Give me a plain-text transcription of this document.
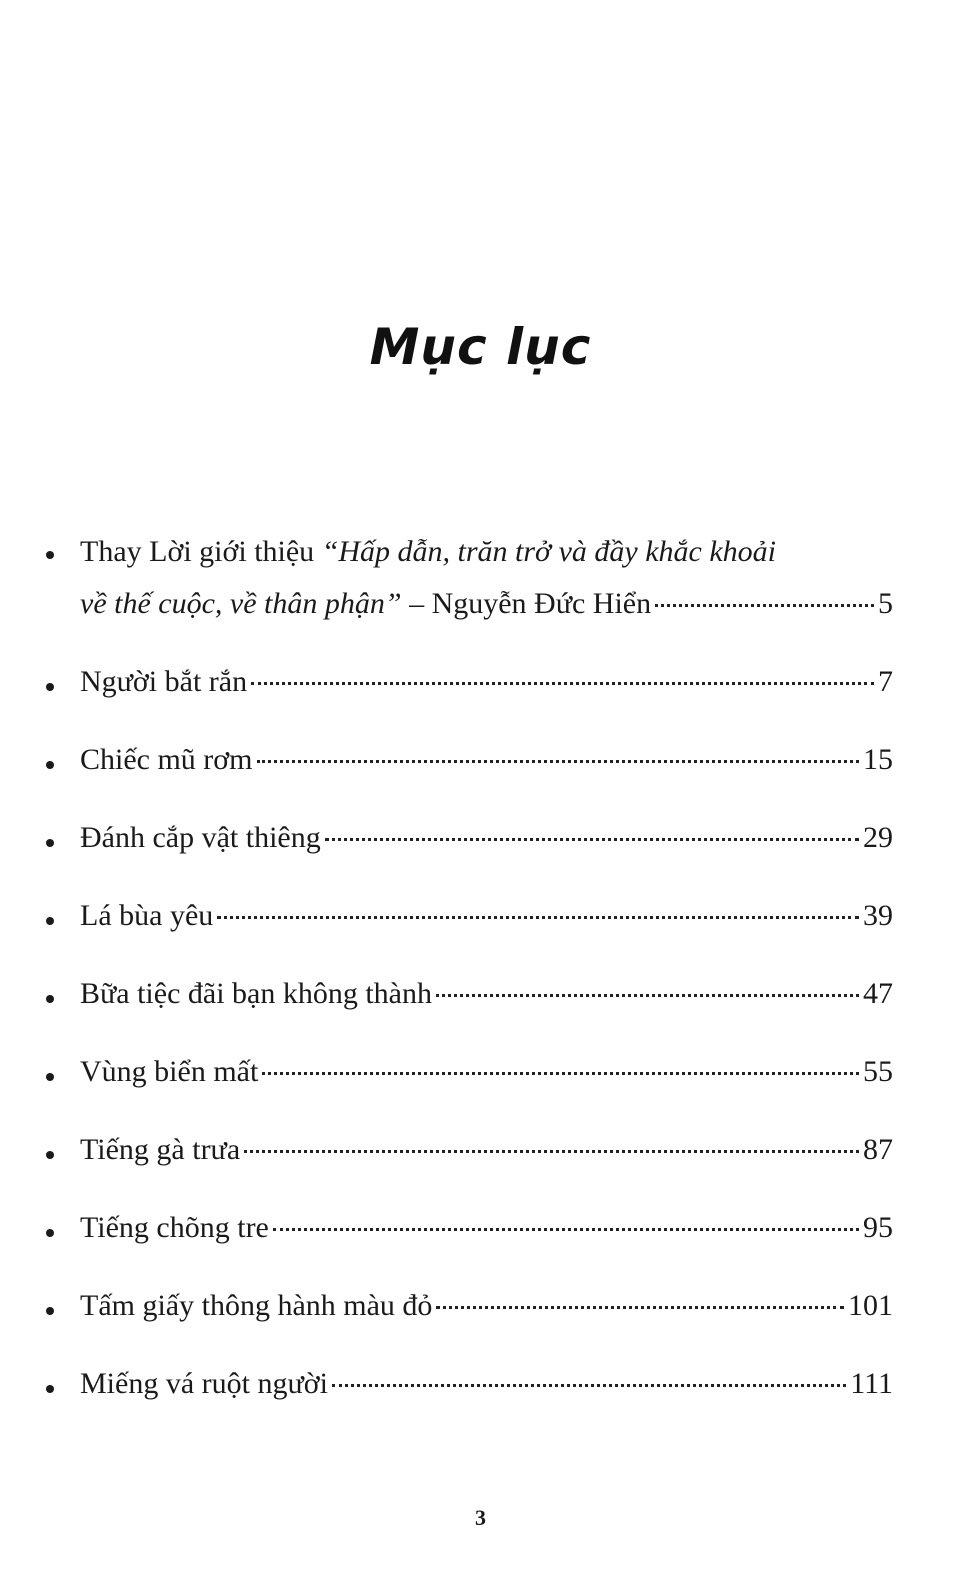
Mục lục
Thay Lời giới thiệu “Hấp dẫn, trăn trở và đầy khắc khoải
về thế cuộc, về thân phận” – Nguyễn Đức Hiển	5
Người bắt rắn	7
Chiếc mũ rơm	15
Đánh cắp vật thiêng	29
Lá bùa yêu	39
Bữa tiệc đãi bạn không thành	47
Vùng biển mất	55
Tiếng gà trưa	87
Tiếng chõng tre	95
Tấm giấy thông hành màu đỏ	101
Miếng vá ruột người	111
3
